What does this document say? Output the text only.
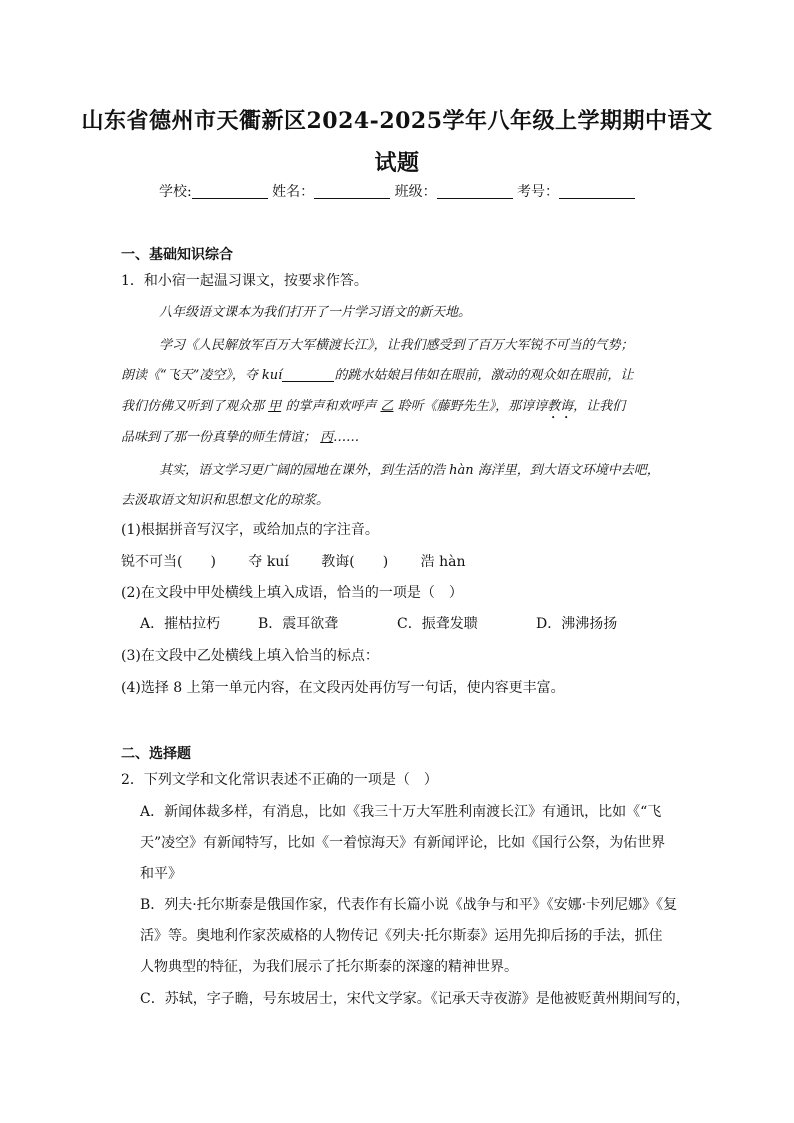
山东省德州市天衢新区2024-2025学年八年级上学期期中语文
试题
学校:	姓名：	班级：	考号：
一、基础知识综合
1．和小宿一起温习课文，按要求作答。
八年级语文课本为我们打开了一片学习语文的新天地。
学习《人民解放军百万大军横渡长江》，让我们感受到了百万大军锐不可当的气势；
朗读《“飞天”凌空》，夺 kuí	的跳水姑娘吕伟如在眼前，激动的观众如在眼前，让
我们仿佛又听到了观众那 甲 的掌声和欢呼声 乙 聆听《藤野先生》，那谆谆教诲，让我们
品味到了那一份真挚的师生情谊； 丙……
其实，语文学习更广阔的园地在课外，到生活的浩 hàn 海洋里，到大语文环境中去吧，
去汲取语文知识和思想文化的琼浆。
(1)根据拼音写汉字，或给加点的字注音。
锐不可当(　　) 夺 kuí 教诲(　　) 浩 hàn
(2)在文段中甲处横线上填入成语，恰当的一项是（　）
A．摧枯拉朽	B．震耳欲聋	C．振聋发聩	D．沸沸扬扬
(3)在文段中乙处横线上填入恰当的标点：
(4)选择 8 上第一单元内容，在文段丙处再仿写一句话，使内容更丰富。
二、选择题
2．下列文学和文化常识表述不正确的一项是（　）
A．新闻体裁多样，有消息，比如《我三十万大军胜利南渡长江》有通讯，比如《“飞
天”凌空》有新闻特写，比如《一着惊海天》有新闻评论，比如《国行公祭，为佑世界
和平》
B．列夫·托尔斯泰是俄国作家，代表作有长篇小说《战争与和平》《安娜·卡列尼娜》《复
活》等。奥地利作家茨威格的人物传记《列夫·托尔斯泰》运用先抑后扬的手法，抓住
人物典型的特征，为我们展示了托尔斯泰的深邃的精神世界。
C．苏轼，字子瞻，号东坡居士，宋代文学家。《记承天寺夜游》是他被贬黄州期间写的，
